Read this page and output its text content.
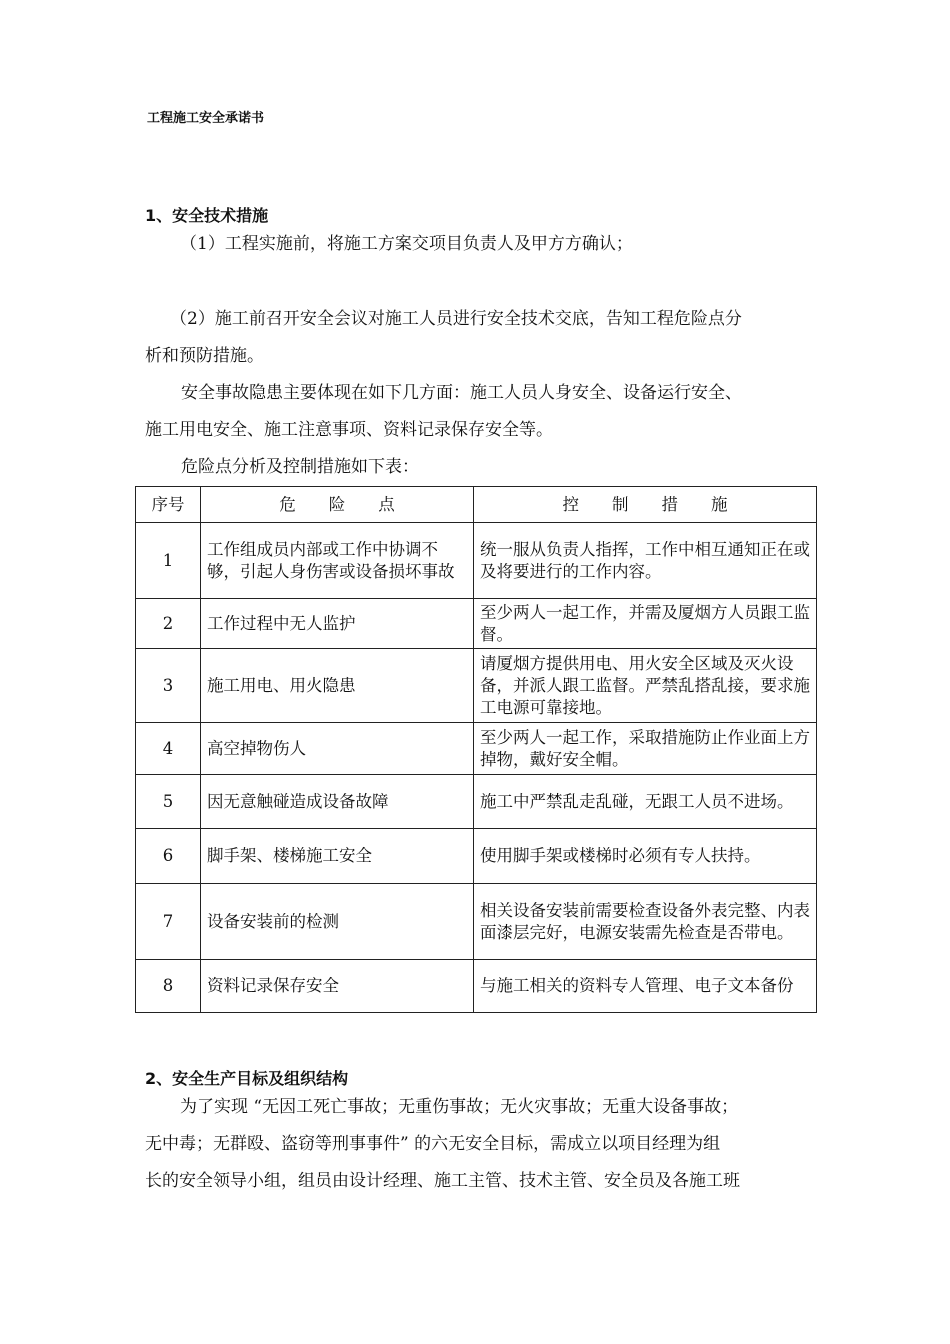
工程施工安全承诺书
1、安全技术措施
（1）工程实施前，将施工方案交项目负责人及甲方方确认；
（2）施工前召开安全会议对施工人员进行安全技术交底，告知工程危险点分
析和预防措施。
安全事故隐患主要体现在如下几方面：施工人员人身安全、设备运行安全、
施工用电安全、施工注意事项、资料记录保存安全等。
危险点分析及控制措施如下表：
序号	危　　险　　点	控　　制　　措　　施
1	工作组成员内部或工作中协调不够，引起人身伤害或设备损坏事故	统一服从负责人指挥，工作中相互通知正在或及将要进行的工作内容。
2	工作过程中无人监护	至少两人一起工作，并需及厦烟方人员跟工监督。
3	施工用电、用火隐患	请厦烟方提供用电、用火安全区域及灭火设备，并派人跟工监督。严禁乱搭乱接，要求施工电源可靠接地。
4	高空掉物伤人	至少两人一起工作，采取措施防止作业面上方掉物，戴好安全帽。
5	因无意触碰造成设备故障	施工中严禁乱走乱碰，无跟工人员不进场。
6	脚手架、楼梯施工安全	使用脚手架或楼梯时必须有专人扶持。
7	设备安装前的检测	相关设备安装前需要检查设备外表完整、内表面漆层完好，电源安装需先检查是否带电。
8	资料记录保存安全	与施工相关的资料专人管理、电子文本备份
2、安全生产目标及组织结构
为了实现 “无因工死亡事故；无重伤事故；无火灾事故；无重大设备事故；
无中毒；无群殴、盗窃等刑事事件” 的六无安全目标，需成立以项目经理为组
长的安全领导小组，组员由设计经理、施工主管、技术主管、安全员及各施工班
